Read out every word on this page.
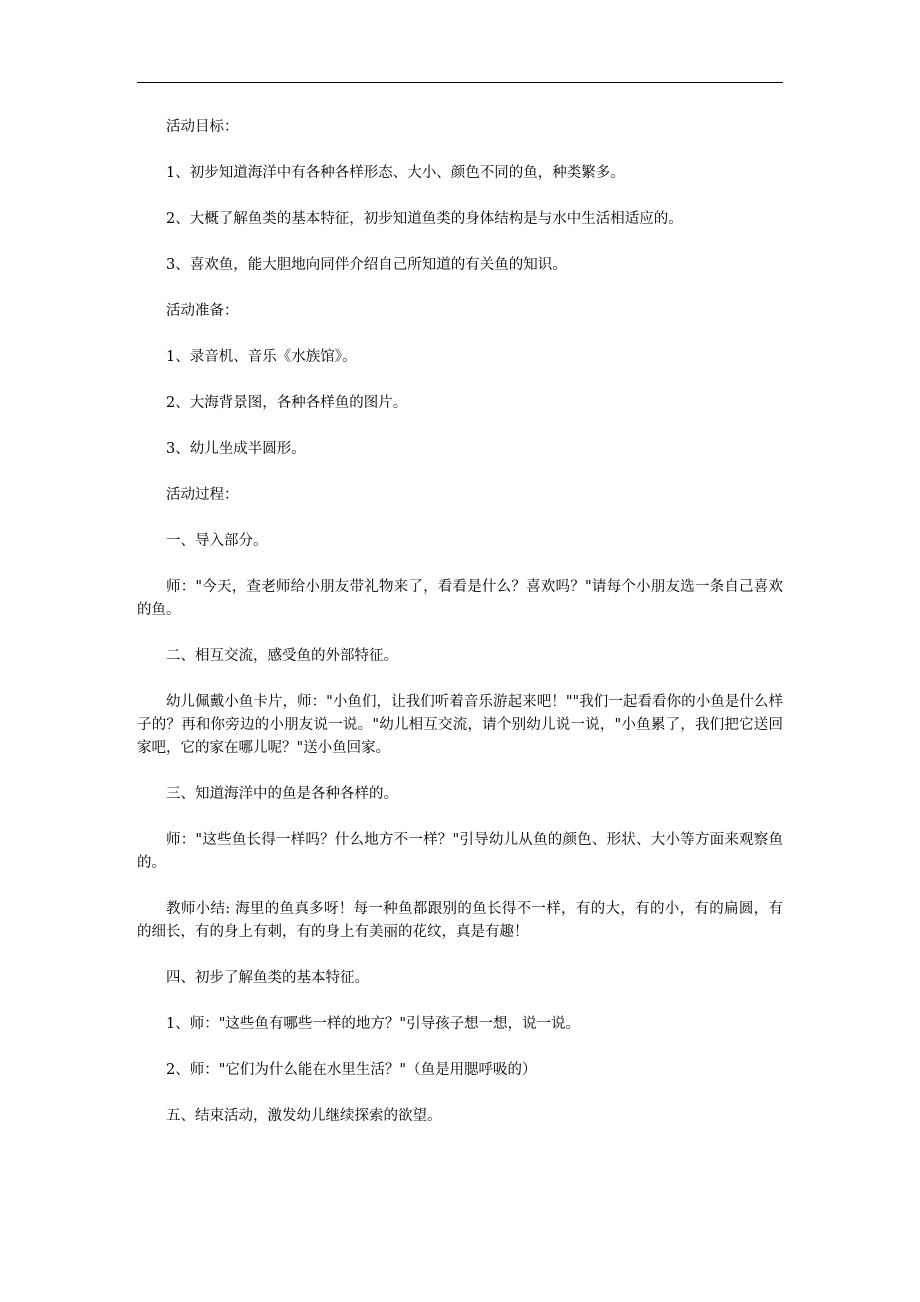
活动目标：

1、初步知道海洋中有各种各样形态、大小、颜色不同的鱼，种类繁多。

2、大概了解鱼类的基本特征，初步知道鱼类的身体结构是与水中生活相适应的。

3、喜欢鱼，能大胆地向同伴介绍自己所知道的有关鱼的知识。

活动准备：

1、录音机、音乐《水族馆》。

2、大海背景图，各种各样鱼的图片。

3、幼儿坐成半圆形。

活动过程：

一、导入部分。

师："今天，查老师给小朋友带礼物来了，看看是什么？喜欢吗？"请每个小朋友选一条自己喜欢的鱼。

二、相互交流，感受鱼的外部特征。

幼儿佩戴小鱼卡片，师："小鱼们，让我们听着音乐游起来吧！""我们一起看看你的小鱼是什么样子的？再和你旁边的小朋友说一说。"幼儿相互交流，请个别幼儿说一说，"小鱼累了，我们把它送回家吧，它的家在哪儿呢？"送小鱼回家。

三、知道海洋中的鱼是各种各样的。

师："这些鱼长得一样吗？什么地方不一样？"引导幼儿从鱼的颜色、形状、大小等方面来观察鱼的。

教师小结: 海里的鱼真多呀！每一种鱼都跟别的鱼长得不一样，有的大，有的小，有的扁圆，有的细长，有的身上有刺，有的身上有美丽的花纹，真是有趣！

四、初步了解鱼类的基本特征。

1、师："这些鱼有哪些一样的地方？"引导孩子想一想，说一说。

2、师："它们为什么能在水里生活？"（鱼是用腮呼吸的）

五、结束活动，激发幼儿继续探索的欲望。
